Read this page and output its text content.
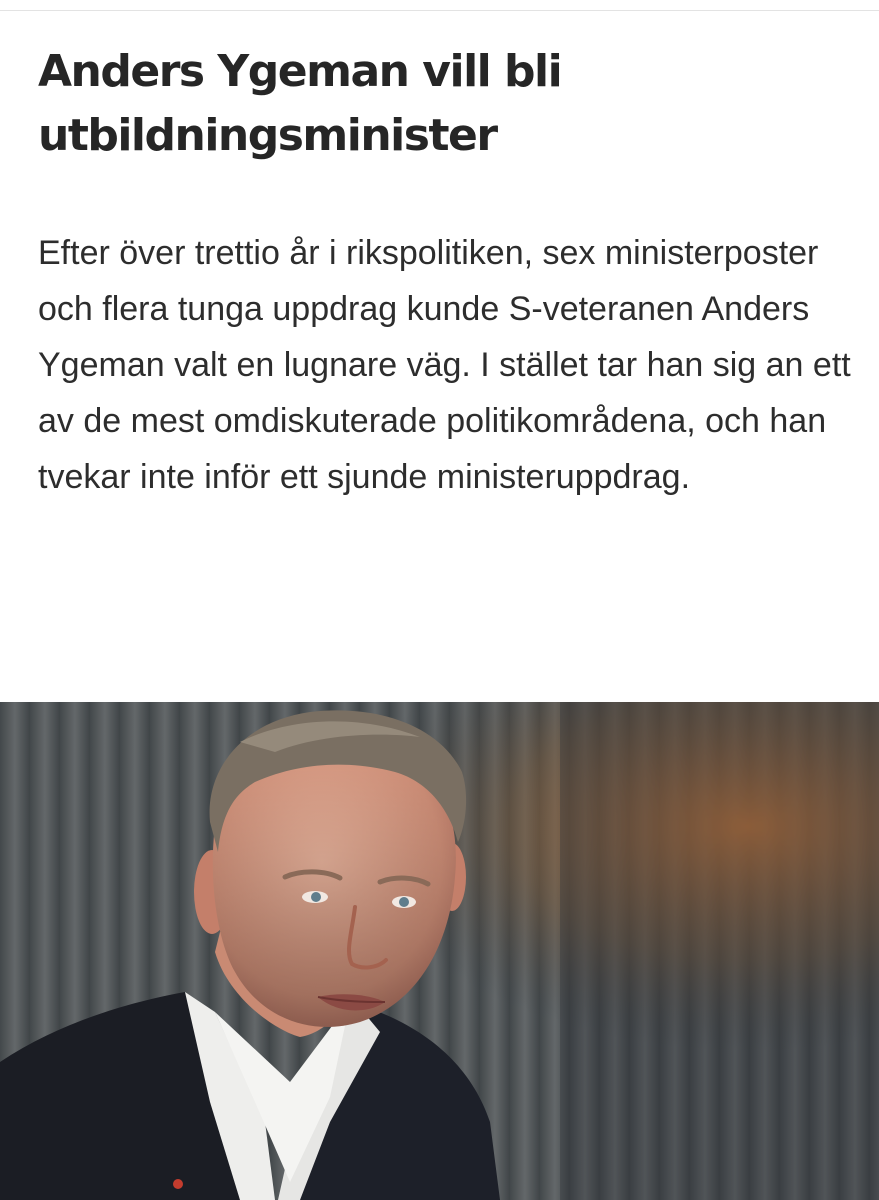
Anders Ygeman vill bli utbildningsminister

Efter över trettio år i rikspolitiken, sex ministerposter och flera tunga uppdrag kunde S-veteranen Anders Ygeman valt en lugnare väg. I stället tar han sig an ett av de mest omdiskuterade politikområdena, och han tvekar inte inför ett sjunde ministeruppdrag.
